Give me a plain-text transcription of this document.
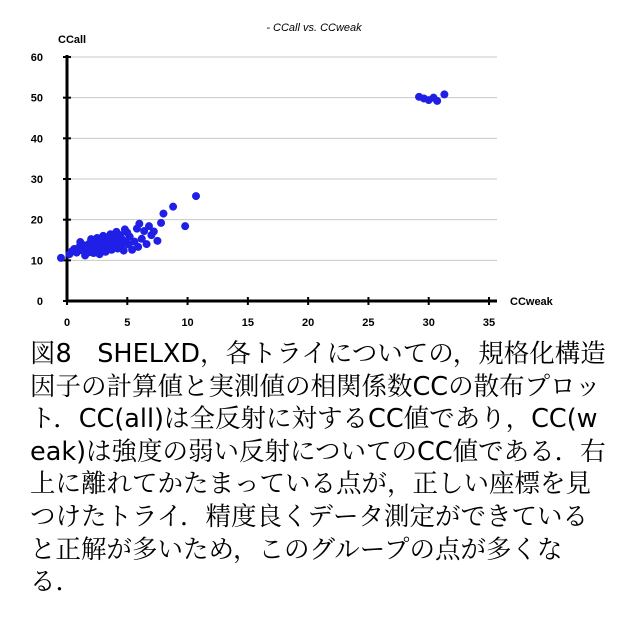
0
10
20
30
40
50
60
0	5	10	15	20	25	30	35
- CCall vs. CCweak
CCall
CCweak

図8　SHELXD，各トライについての，規格化構造因子の計算値と実測値の相関係数CCの散布プロット．CC(all)は全反射に対するCC値であり，CC(weak)は強度の弱い反射についてのCC値である．右上に離れてかたまっている点が，正しい座標を見つけたトライ．精度良くデータ測定ができていると正解が多いため，このグループの点が多くなる．
